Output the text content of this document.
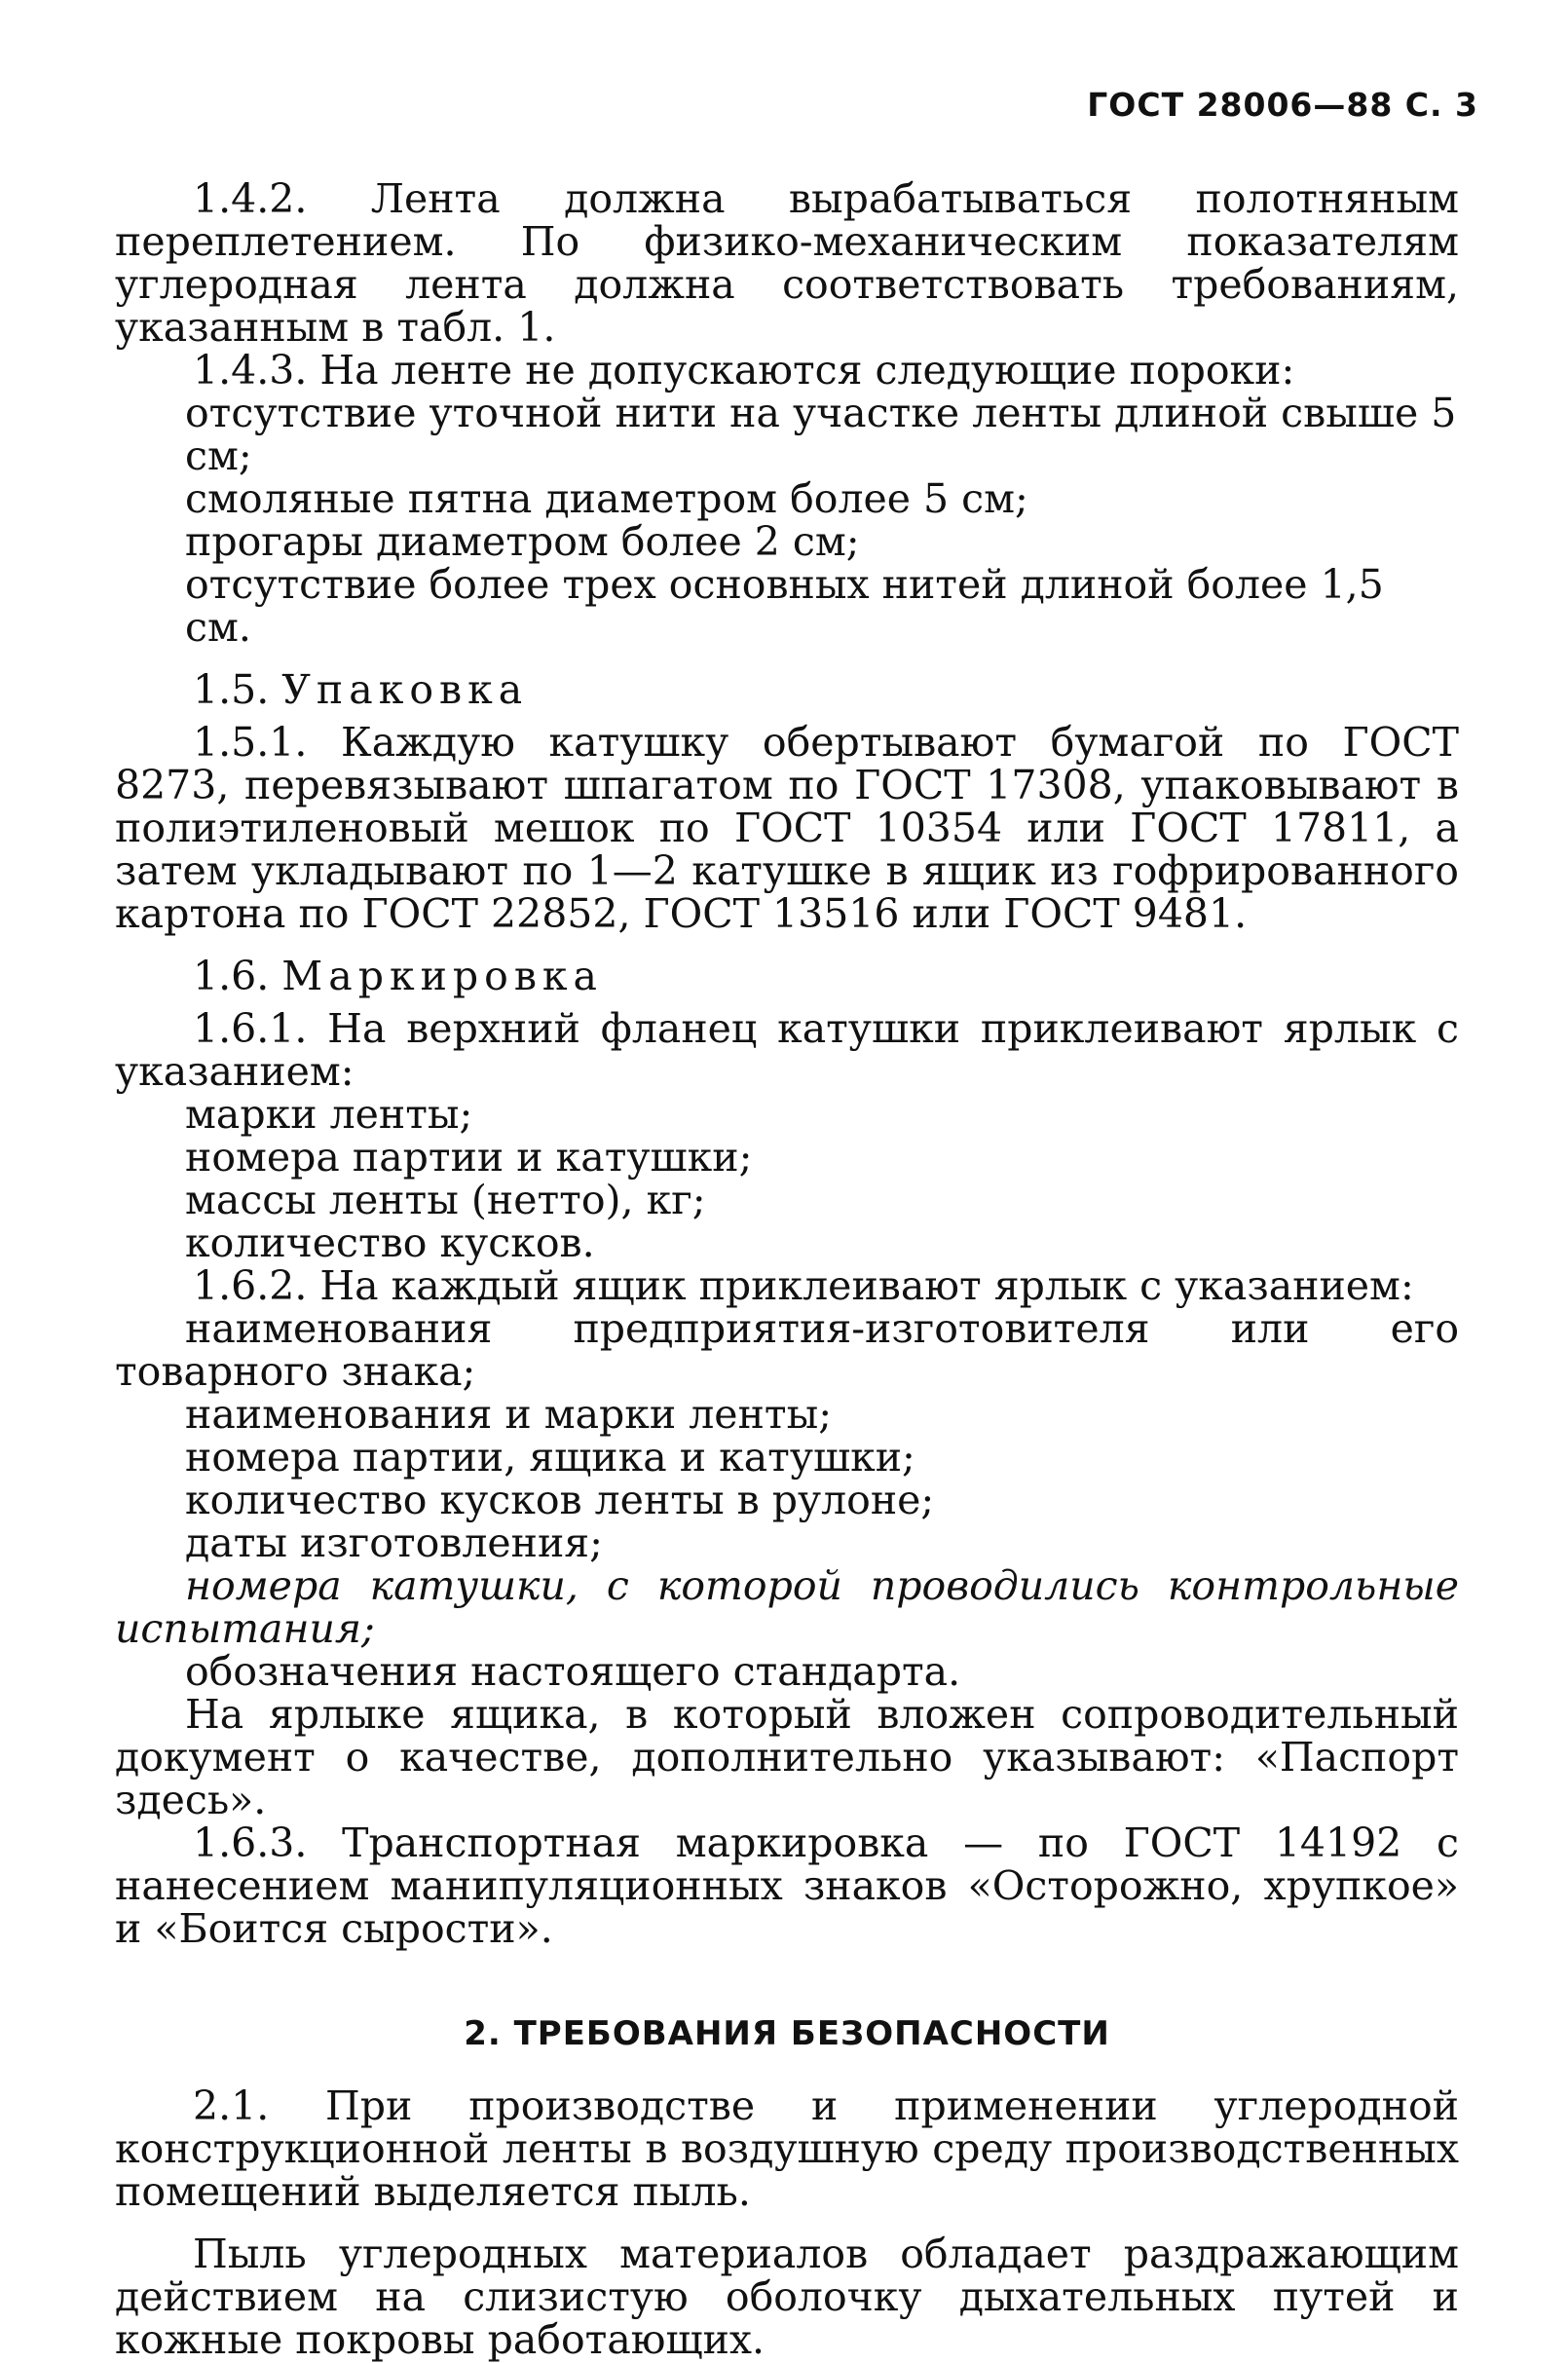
ГОСТ 28006—88 С. 3

1.4.2. Лента должна вырабатываться полотняным переплетением. По физико-механическим показателям углеродная лента должна соответствовать требованиям, указанным в табл. 1.

1.4.3. На ленте не допускаются следующие пороки:

отсутствие уточной нити на участке ленты длиной свыше 5 см;

смоляные пятна диаметром более 5 см;

прогары диаметром более 2 см;

отсутствие более трех основных нитей длиной более 1,5 см.

1.5. Упаковка

1.5.1. Каждую катушку обертывают бумагой по ГОСТ 8273, перевязывают шпагатом по ГОСТ 17308, упаковывают в полиэтиленовый мешок по ГОСТ 10354 или ГОСТ 17811, а затем укладывают по 1—2 катушке в ящик из гофрированного картона по ГОСТ 22852, ГОСТ 13516 или ГОСТ 9481.

1.6. Маркировка

1.6.1. На верхний фланец катушки приклеивают ярлык с указанием:

марки ленты;

номера партии и катушки;

массы ленты (нетто), кг;

количество кусков.

1.6.2. На каждый ящик приклеивают ярлык с указанием:

наименования предприятия-изготовителя или его товарного знака;

наименования и марки ленты;

номера партии, ящика и катушки;

количество кусков ленты в рулоне;

даты изготовления;

номера катушки, с которой проводились контрольные испытания;

обозначения настоящего стандарта.

На ярлыке ящика, в который вложен сопроводительный документ о качестве, дополнительно указывают: «Паспорт здесь».

1.6.3. Транспортная маркировка — по ГОСТ 14192 с нанесением манипуляционных знаков «Осторожно, хрупкое» и «Боится сырости».

2. ТРЕБОВАНИЯ БЕЗОПАСНОСТИ

2.1. При производстве и применении углеродной конструкционной ленты в воздушную среду производственных помещений выделяется пыль.

Пыль углеродных материалов обладает раздражающим действием на слизистую оболочку дыхательных путей и кожные покровы работающих.
